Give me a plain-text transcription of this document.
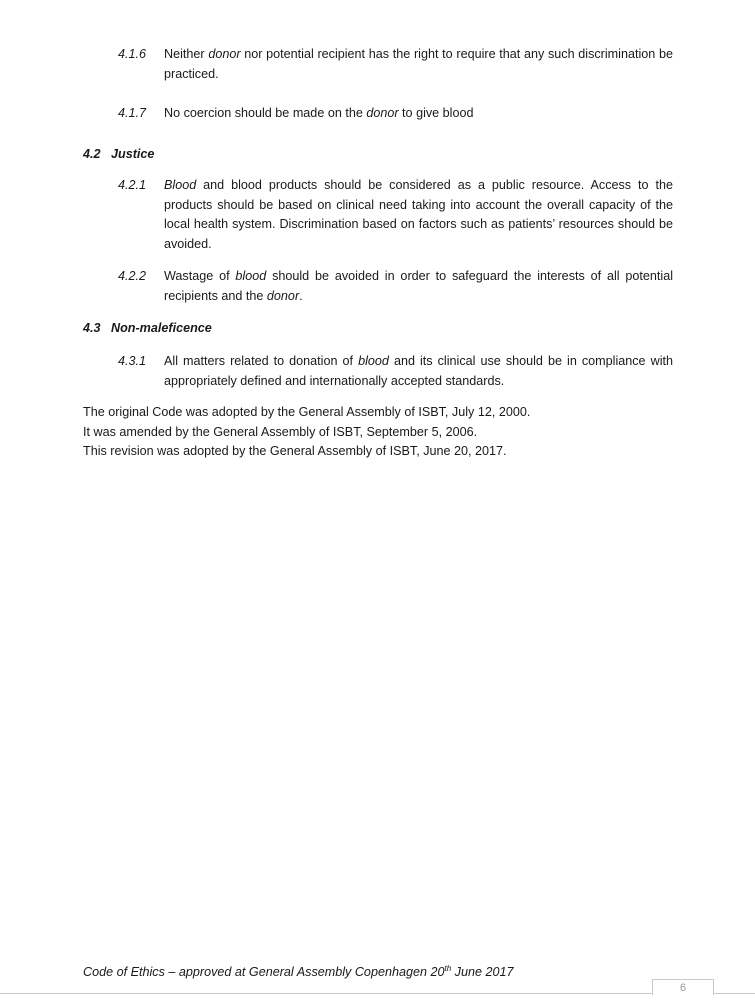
4.1.6 Neither donor nor potential recipient has the right to require that any such discrimination be practiced.
4.1.7 No coercion should be made on the donor to give blood
4.2 Justice
4.2.1 Blood and blood products should be considered as a public resource. Access to the products should be based on clinical need taking into account the overall capacity of the local health system. Discrimination based on factors such as patients’ resources should be avoided.
4.2.2 Wastage of blood should be avoided in order to safeguard the interests of all potential recipients and the donor.
4.3 Non-maleficence
4.3.1 All matters related to donation of blood and its clinical use should be in compliance with appropriately defined and internationally accepted standards.
The original Code was adopted by the General Assembly of ISBT, July 12, 2000.
It was amended by the General Assembly of ISBT, September 5, 2006.
This revision was adopted by the General Assembly of ISBT, June 20, 2017.
Code of Ethics – approved at General Assembly Copenhagen 20th June 2017
6
